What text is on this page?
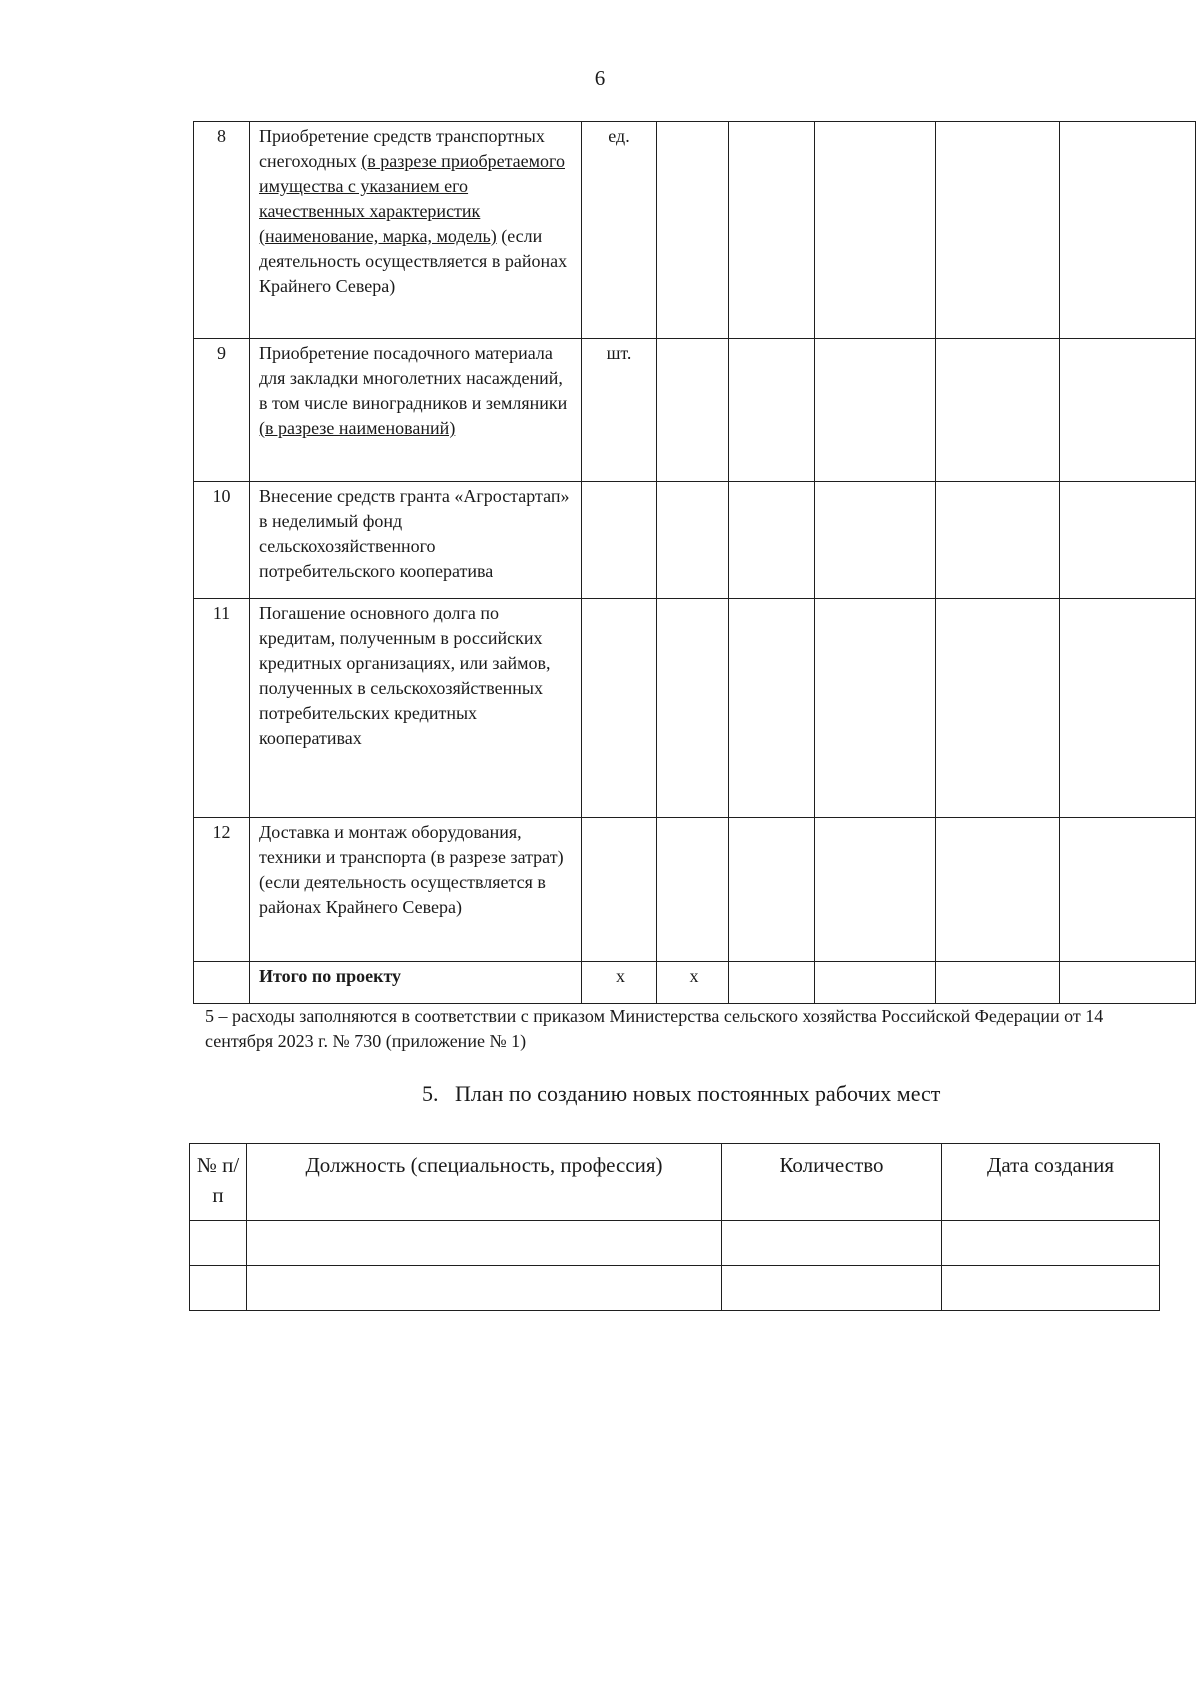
6
8	Приобретение средств транспортных снегоходных (в разрезе приобретаемого имущества с указанием его качественных характеристик (наименование, марка, модель) (если деятельность осуществляется в районах Крайнего Севера)	ед.					
9	Приобретение посадочного материала для закладки многолетних насаждений, в том числе виноградников и земляники (в разрезе наименований)	шт.					
10	Внесение средств гранта «Агростартап» в неделимый фонд сельскохозяйственного потребительского кооператива						
11	Погашение основного долга по кредитам, полученным в российских кредитных организациях, или займов, полученных в сельскохозяйственных потребительских кредитных кооперативах						
12	Доставка и монтаж оборудования, техники и транспорта (в разрезе затрат) (если деятельность осуществляется в районах Крайнего Севера)						
	Итого по проекту	х	х				
5 – расходы заполняются в соответствии с приказом Министерства сельского хозяйства Российской Федерации от 14 сентября 2023 г. № 730 (приложение № 1)
5.   План по созданию новых постоянных рабочих мест
№ п/п	Должность (специальность, профессия)	Количество	Дата создания
